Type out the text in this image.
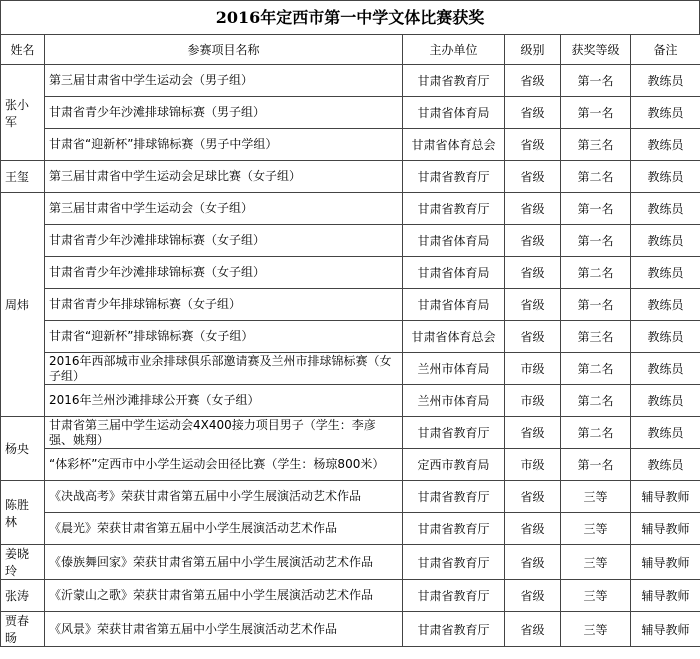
2016年定西市第一中学文体比赛获奖
姓名	参赛项目名称	主办单位	级别	获奖等级	备注
张小军	第三届甘肃省中学生运动会（男子组）	甘肃省教育厅	省级	第一名	教练员
	甘肃省青少年沙滩排球锦标赛（男子组）	甘肃省体育局	省级	第一名	教练员
	甘肃省“迎新杯”排球锦标赛（男子中学组）	甘肃省体育总会	省级	第三名	教练员
王玺	第三届甘肃省中学生运动会足球比赛（女子组）	甘肃省教育厅	省级	第二名	教练员
周炜	第三届甘肃省中学生运动会（女子组）	甘肃省教育厅	省级	第一名	教练员
	甘肃省青少年沙滩排球锦标赛（女子组）	甘肃省体育局	省级	第一名	教练员
	甘肃省青少年沙滩排球锦标赛（女子组）	甘肃省体育局	省级	第二名	教练员
	甘肃省青少年排球锦标赛（女子组）	甘肃省体育局	省级	第一名	教练员
	甘肃省“迎新杯”排球锦标赛（女子组）	甘肃省体育总会	省级	第三名	教练员
	2016年西部城市业余排球俱乐部邀请赛及兰州市排球锦标赛（女子组）	兰州市体育局	市级	第二名	教练员
	2016年兰州沙滩排球公开赛（女子组）	兰州市体育局	市级	第二名	教练员
杨央	甘肃省第三届中学生运动会4X400接力项目男子（学生：李彦强、姚翔）	甘肃省教育厅	省级	第二名	教练员
	“体彩杯”定西市中小学生运动会田径比赛（学生：杨琼800米）	定西市教育局	市级	第一名	教练员
陈胜林	《决战高考》荣获甘肃省第五届中小学生展演活动艺术作品	甘肃省教育厅	省级	三等	辅导教师
	《晨光》荣获甘肃省第五届中小学生展演活动艺术作品	甘肃省教育厅	省级	三等	辅导教师
姜晓玲	《傣族舞回家》荣获甘肃省第五届中小学生展演活动艺术作品	甘肃省教育厅	省级	三等	辅导教师
张涛	《沂蒙山之歌》荣获甘肃省第五届中小学生展演活动艺术作品	甘肃省教育厅	省级	三等	辅导教师
贾春旸	《风景》荣获甘肃省第五届中小学生展演活动艺术作品	甘肃省教育厅	省级	三等	辅导教师
